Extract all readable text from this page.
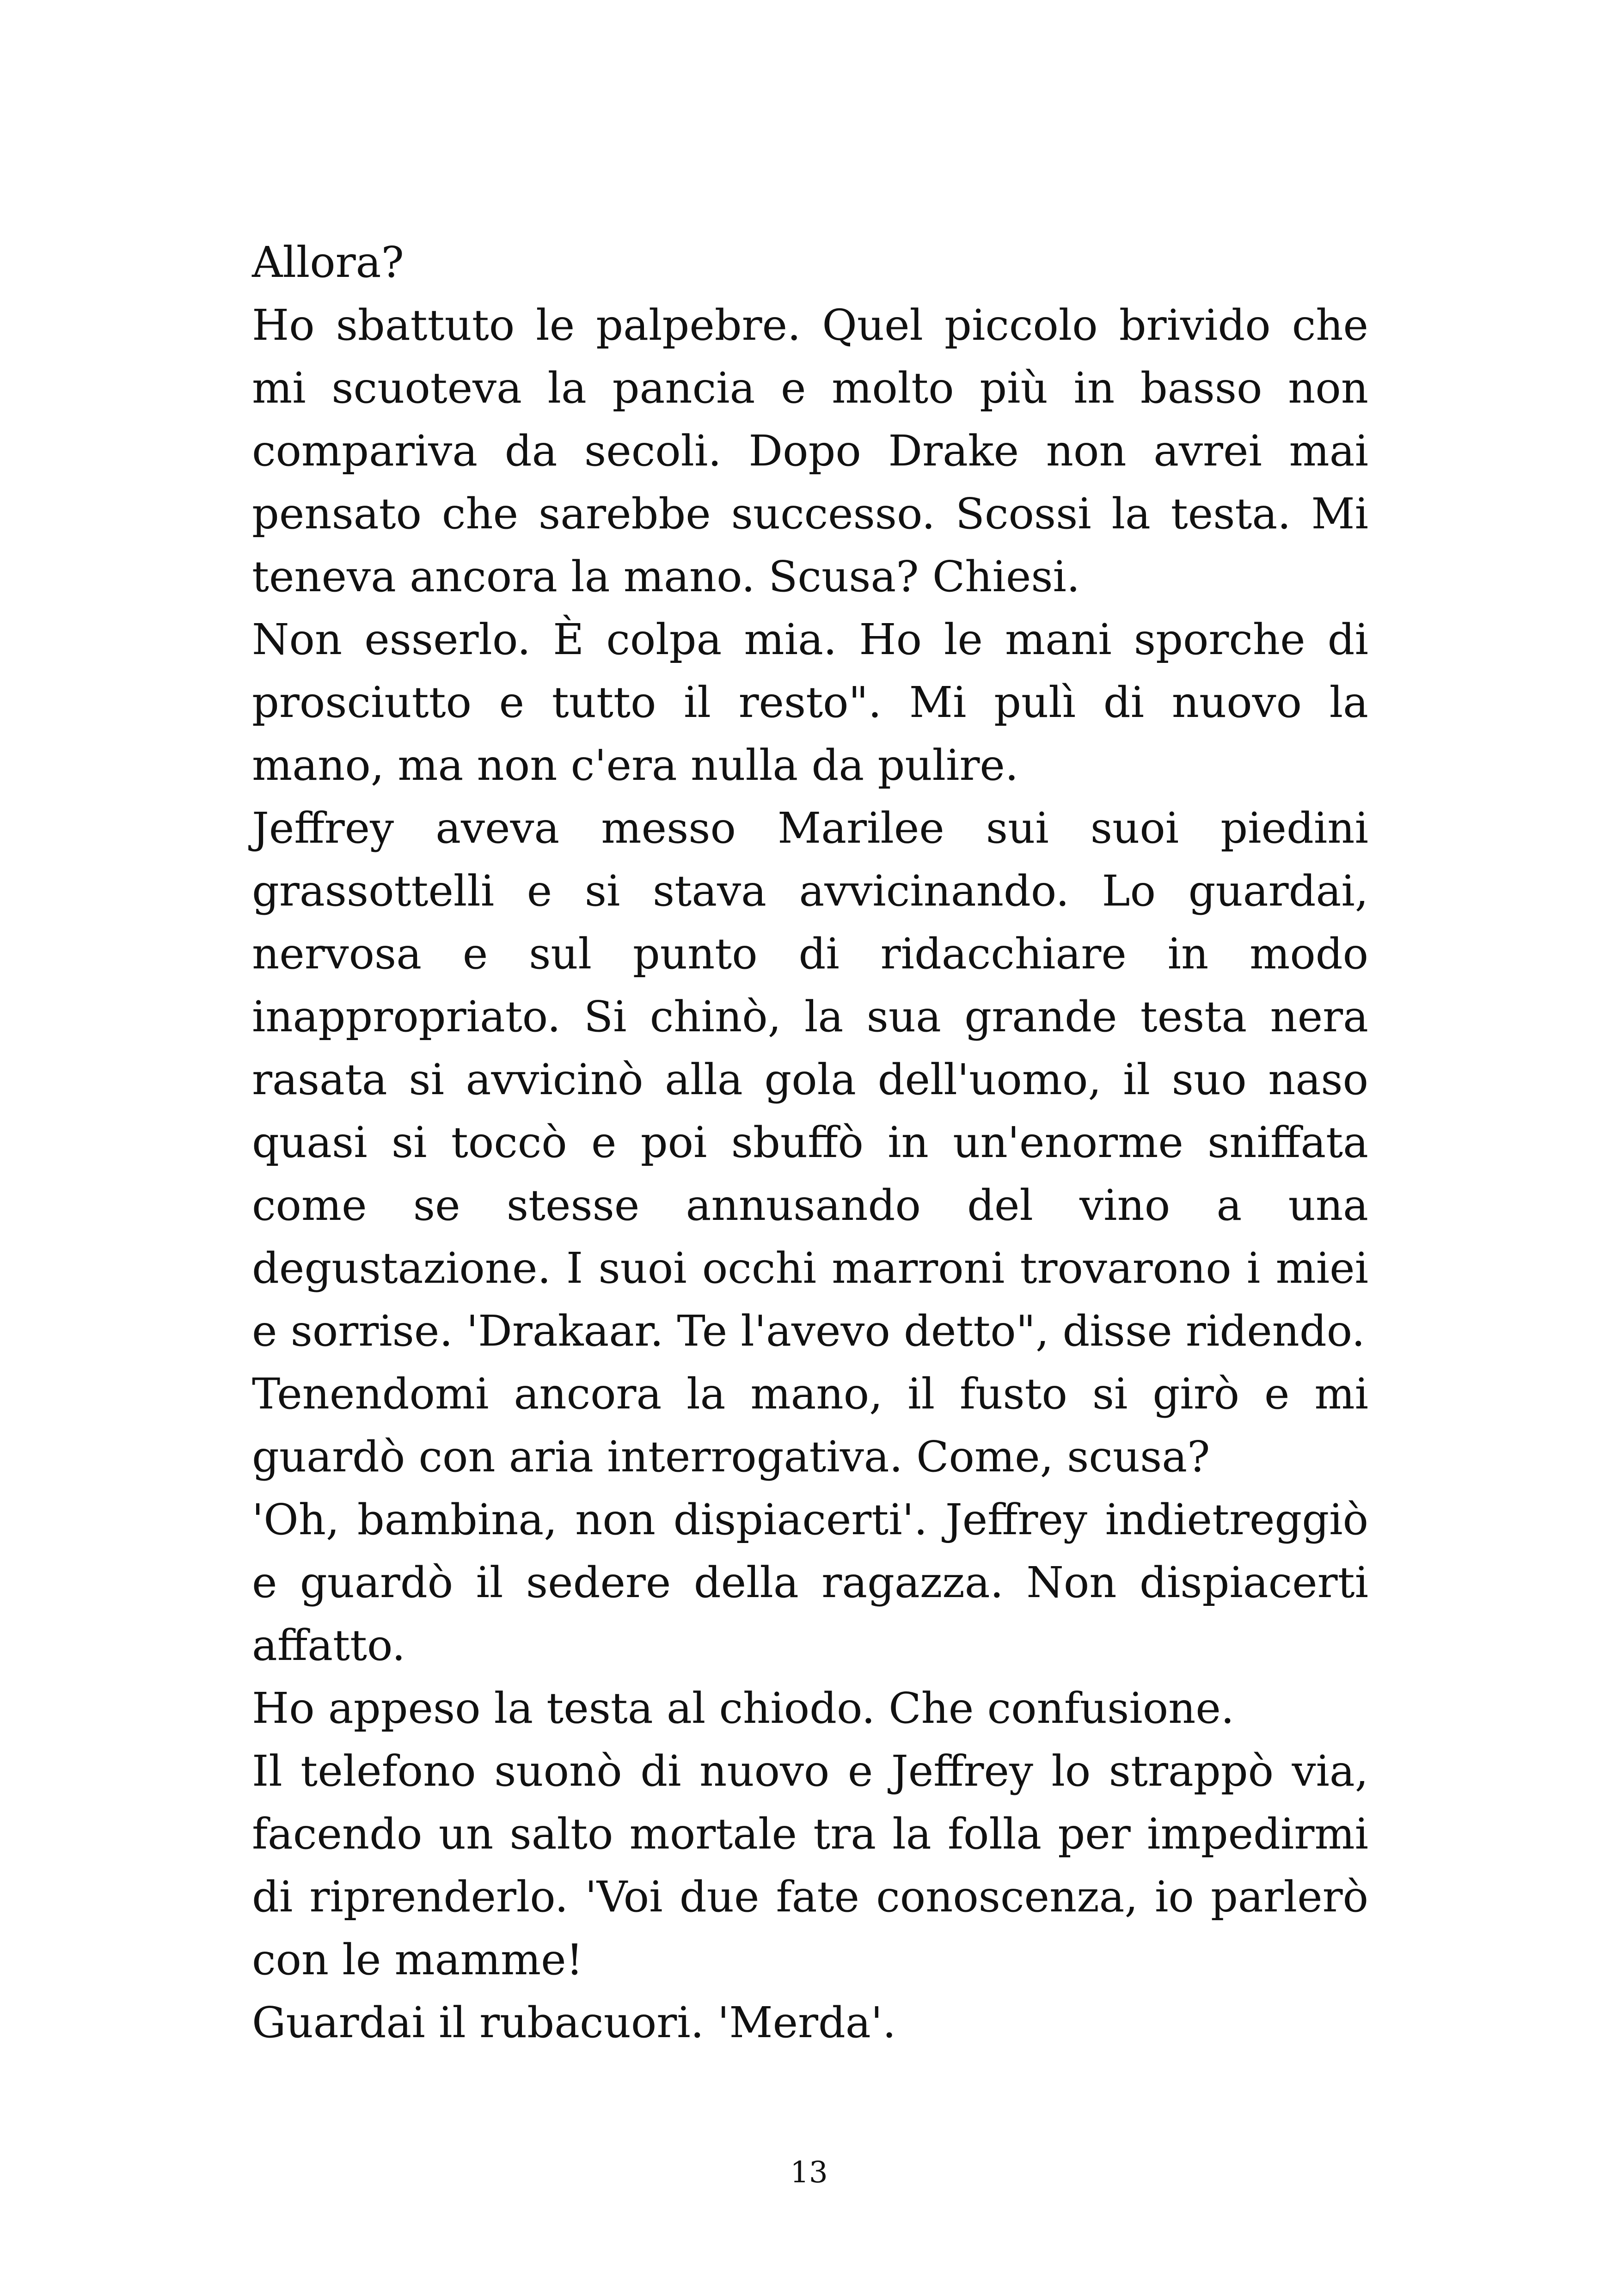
Allora?

Ho sbattuto le palpebre. Quel piccolo brivido che mi scuoteva la pancia e molto più in basso non compariva da secoli. Dopo Drake non avrei mai pensato che sarebbe successo. Scossi la testa. Mi teneva ancora la mano. Scusa? Chiesi.

Non esserlo. È colpa mia. Ho le mani sporche di prosciutto e tutto il resto". Mi pulì di nuovo la mano, ma non c'era nulla da pulire.

Jeffrey aveva messo Marilee sui suoi piedini grassottelli e si stava avvicinando. Lo guardai, nervosa e sul punto di ridacchiare in modo inappropriato. Si chinò, la sua grande testa nera rasata si avvicinò alla gola dell'uomo, il suo naso quasi si toccò e poi sbuffò in un'enorme sniffata come se stesse annusando del vino a una degustazione. I suoi occhi marroni trovarono i miei e sorrise. 'Drakaar. Te l'avevo detto", disse ridendo.

Tenendomi ancora la mano, il fusto si girò e mi guardò con aria interrogativa. Come, scusa?

'Oh, bambina, non dispiacerti'. Jeffrey indietreggiò e guardò il sedere della ragazza. Non dispiacerti affatto.

Ho appeso la testa al chiodo. Che confusione.

Il telefono suonò di nuovo e Jeffrey lo strappò via, facendo un salto mortale tra la folla per impedirmi di riprenderlo. 'Voi due fate conoscenza, io parlerò con le mamme!

Guardai il rubacuori. 'Merda'.

13
